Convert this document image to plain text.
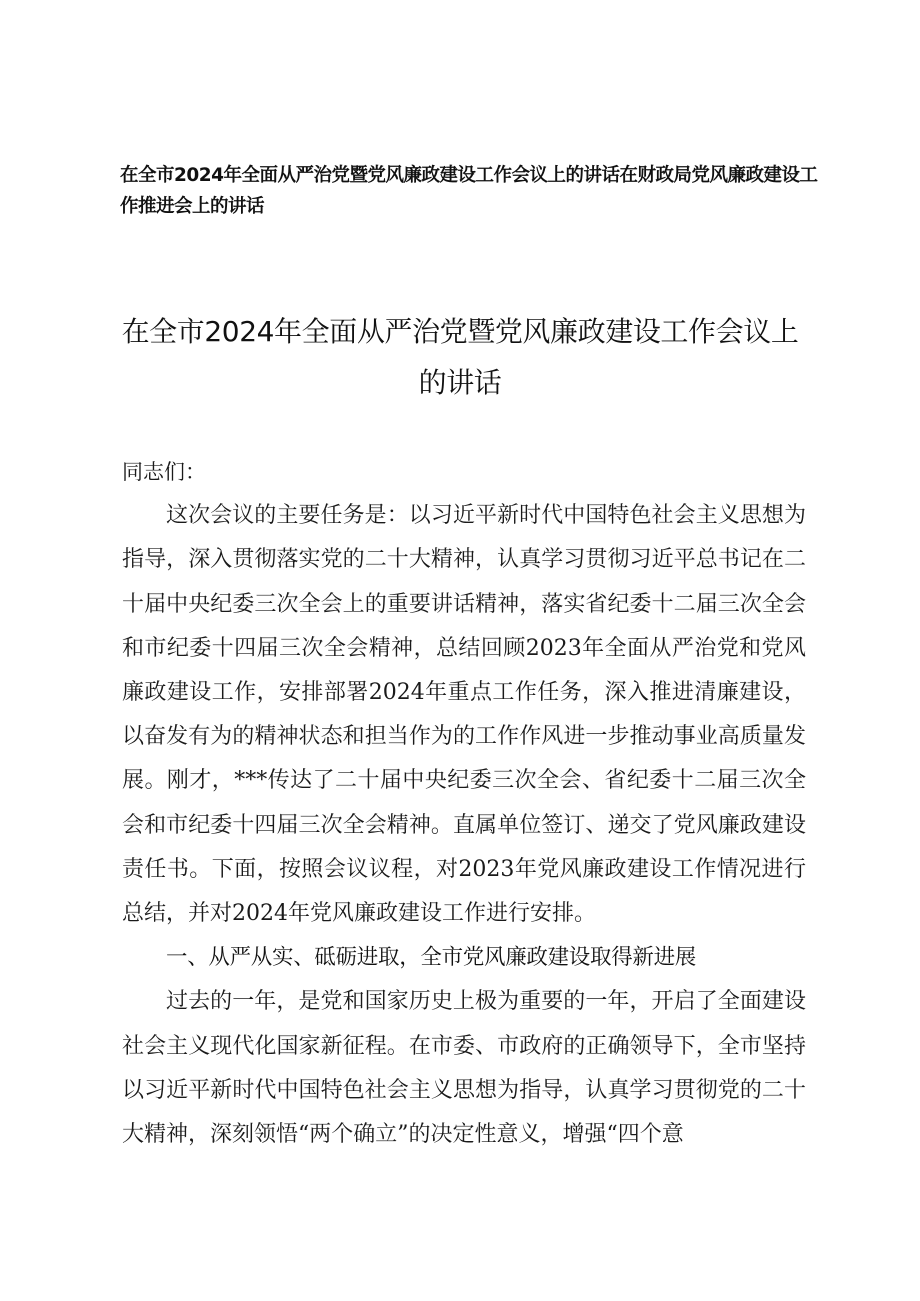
在全市2024年全面从严治党暨党风廉政建设工作会议上的讲话在财政局党风廉政建设工作推进会上的讲话

在全市2024年全面从严治党暨党风廉政建设工作会议上的讲话

同志们：

这次会议的主要任务是：以习近平新时代中国特色社会主义思想为指导，深入贯彻落实党的二十大精神，认真学习贯彻习近平总书记在二十届中央纪委三次全会上的重要讲话精神，落实省纪委十二届三次全会和市纪委十四届三次全会精神，总结回顾2023年全面从严治党和党风廉政建设工作，安排部署2024年重点工作任务，深入推进清廉建设，以奋发有为的精神状态和担当作为的工作作风进一步推动事业高质量发展。刚才，***传达了二十届中央纪委三次全会、省纪委十二届三次全会和市纪委十四届三次全会精神。直属单位签订、递交了党风廉政建设责任书。下面，按照会议议程，对2023年党风廉政建设工作情况进行总结，并对2024年党风廉政建设工作进行安排。

一、从严从实、砥砺进取，全市党风廉政建设取得新进展

过去的一年，是党和国家历史上极为重要的一年，开启了全面建设社会主义现代化国家新征程。在市委、市政府的正确领导下，全市坚持以习近平新时代中国特色社会主义思想为指导，认真学习贯彻党的二十大精神，深刻领悟“两个确立”的决定性意义，增强“四个意
